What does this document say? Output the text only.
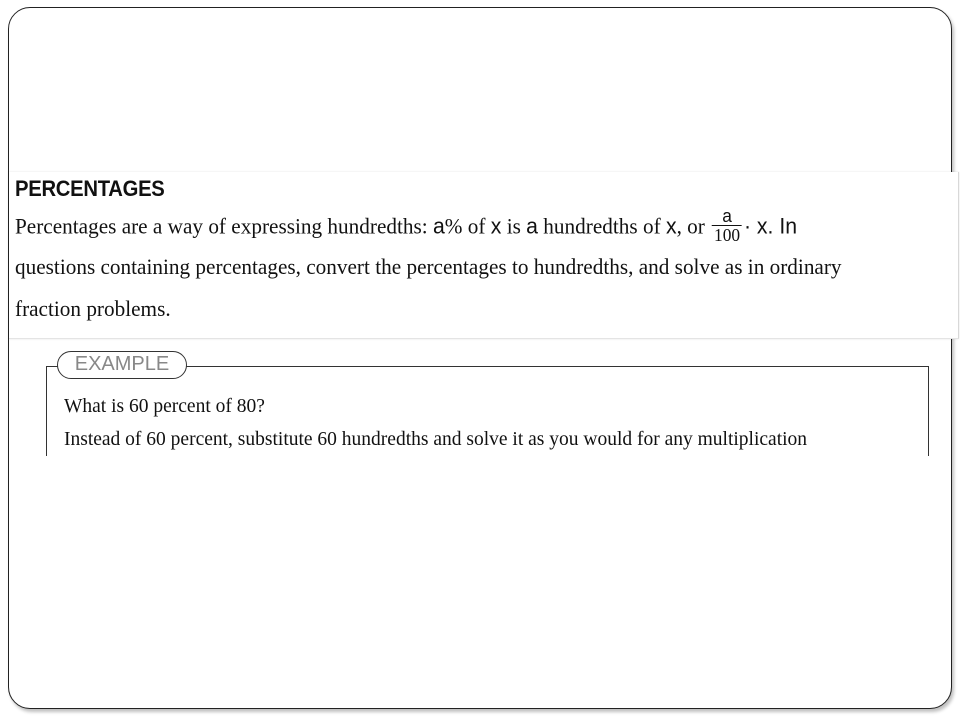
PERCENTAGES
Percentages are a way of expressing hundredths: a% of x is a hundredths of x, or $\frac{a}{100} \cdot x$. In
questions containing percentages, convert the percentages to hundredths, and solve as in ordinary
fraction problems.
EXAMPLE
What is 60 percent of 80?
Instead of 60 percent, substitute 60 hundredths and solve it as you would for any multiplication
